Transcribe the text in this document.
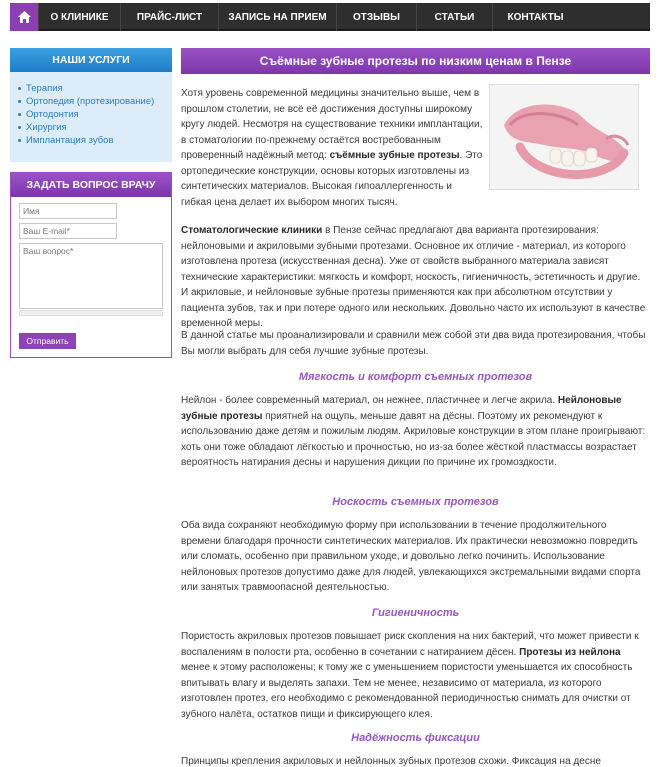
О КЛИНИКЕ	ПРАЙС-ЛИСТ	ЗАПИСЬ НА ПРИЕМ	ОТЗЫВЫ	СТАТЬИ	КОНТАКТЫ
НАШИ УСЛУГИ
Терапия
Ортопедия (протезирование)
Ортодонтия
Хирургия
Имплантация зубов
ЗАДАТЬ ВОПРОС ВРАЧУ
Имя
Ваш E-mail*
Ваш вопрос*
Отправить
Съёмные зубные протезы по низким ценам в Пензе
Хотя уровень современной медицины значительно выше, чем в прошлом столетии, не всё её достижения доступны широкому кругу людей. Несмотря на существование техники имплантации, в стоматологии по-прежнему остаётся востребованным проверенный надёжный метод: съёмные зубные протезы. Это ортопедические конструкции, основы которых изготовлены из синтетических материалов. Высокая гипоаллергенность и гибкая цена делает их выбором многих тысяч.
Стоматологические клиники в Пензе сейчас предлагают два варианта протезирования: нейлоновыми и акриловыми зубными протезами. Основное их отличие - материал, из которого изготовлена протеза (искусственная десна). Уже от свойств выбранного материала зависят технические характеристики: мягкость и комфорт, носкость, гигиеничность, эстетичность и другие. И акриловые, и нейлоновые зубные протезы применяются как при абсолютном отсутствии у пациента зубов, так и при потере одного или нескольких. Довольно часто их используют в качестве временной меры.
В данной статье мы проанализировали и сравнили меж собой эти два вида протезирования, чтобы Вы могли выбрать для себя лучшие зубные протезы.
Мягкость и комфорт съемных протезов
Нейлон - более современный материал, он нежнее, пластичнее и легче акрила. Нейлоновые зубные протезы приятней на ощупь, меньше давят на дёсны. Поэтому их рекомендуют к использованию даже детям и пожилым людям. Акриловые конструкции в этом плане проигрывают: хоть они тоже обладают лёгкостью и прочностью, но из-за более жёсткой пластмассы возрастает вероятность натирания десны и нарушения дикции по причине их громоздкости.
Носкость съемных протезов
Оба вида сохраняют необходимую форму при использовании в течение продолжительного времени благодаря прочности синтетических материалов. Их практически невозможно повредить или сломать, особенно при правильном уходе, и довольно легко починить. Использование нейлоновых протезов допустимо даже для людей, увлекающихся экстремальными видами спорта или занятых травмоопасной деятельностью.
Гигиеничность
Пористость акриловых протезов повышает риск скопления на них бактерий, что может привести к воспалениям в полости рта, особенно в сочетании с натиранием дёсен. Протезы из нейлона менее к этому расположены; к тому же с уменьшением пористости уменьшается их способность впитывать влагу и выделять запахи. Тем не менее, независимо от материала, из которого изготовлен протез, его необходимо с рекомендованной периодичностью снимать для очистки от зубного налёта, остатков пищи и фиксирующего клея.
Надёжность фиксации
Принципы крепления акриловых и нейлонных зубных протезов схожи. Фиксация на десне
